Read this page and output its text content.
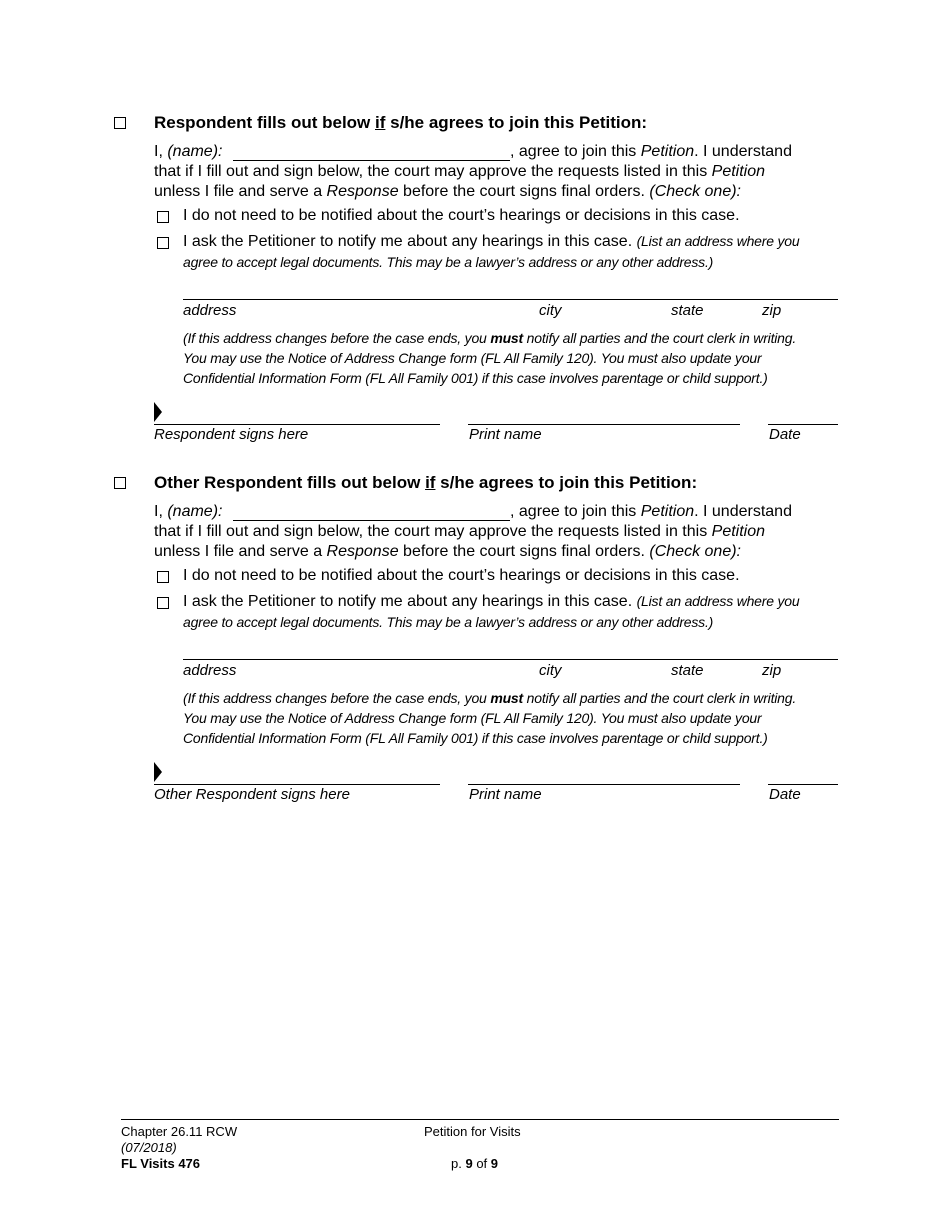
Respondent fills out below if s/he agrees to join this Petition:
I, (name):	, agree to join this Petition. I understand
that if I fill out and sign below, the court may approve the requests listed in this Petition
unless I file and serve a Response before the court signs final orders. (Check one):
I do not need to be notified about the court’s hearings or decisions in this case.
I ask the Petitioner to notify me about any hearings in this case. (List an address where you
agree to accept legal documents. This may be a lawyer’s address or any other address.)
address	city	state	zip
(If this address changes before the case ends, you must notify all parties and the court clerk in writing.
You may use the Notice of Address Change form (FL All Family 120). You must also update your
Confidential Information Form (FL All Family 001) if this case involves parentage or child support.)
Respondent signs here	Print name	Date
Other Respondent fills out below if s/he agrees to join this Petition:
I, (name):	, agree to join this Petition. I understand
that if I fill out and sign below, the court may approve the requests listed in this Petition
unless I file and serve a Response before the court signs final orders. (Check one):
I do not need to be notified about the court’s hearings or decisions in this case.
I ask the Petitioner to notify me about any hearings in this case. (List an address where you
agree to accept legal documents. This may be a lawyer’s address or any other address.)
address	city	state	zip
(If this address changes before the case ends, you must notify all parties and the court clerk in writing.
You may use the Notice of Address Change form (FL All Family 120). You must also update your
Confidential Information Form (FL All Family 001) if this case involves parentage or child support.)
Other Respondent signs here	Print name	Date
Chapter 26.11 RCW
(07/2018)
FL Visits 476
Petition for Visits
p. 9 of 9
